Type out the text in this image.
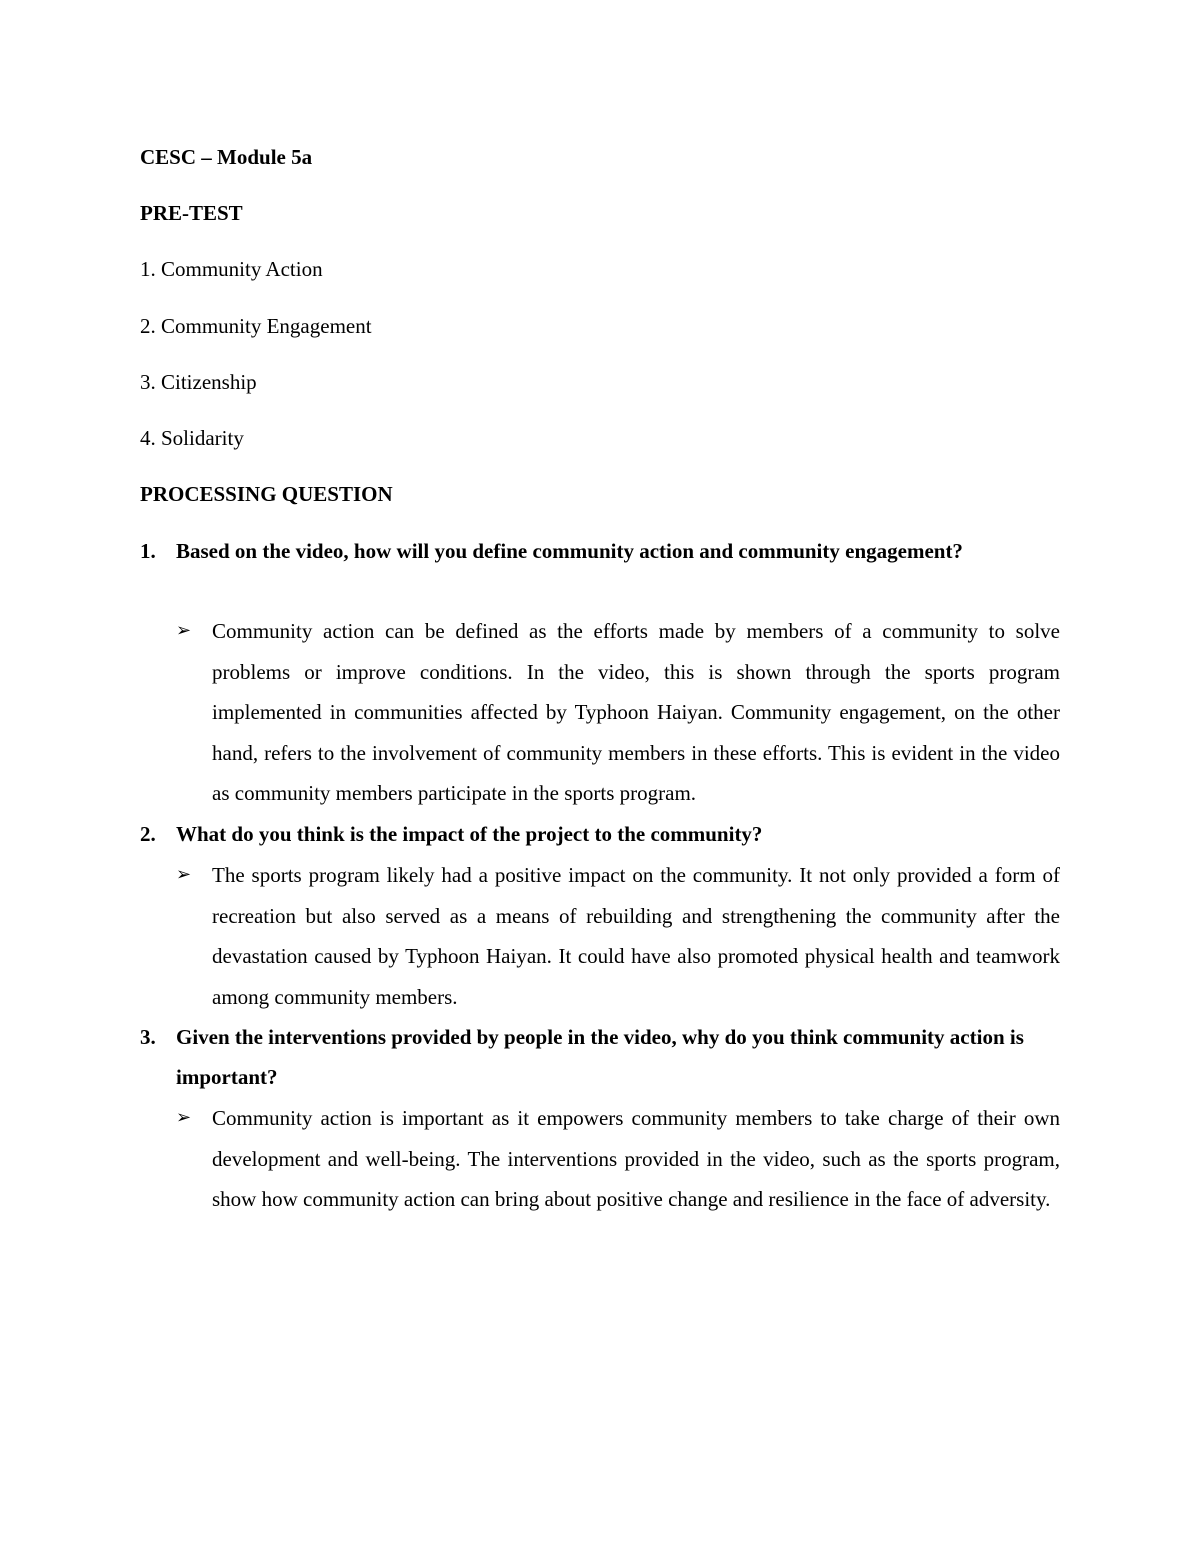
CESC – Module 5a
PRE-TEST
1. Community Action
2. Community Engagement
3. Citizenship
4. Solidarity
PROCESSING QUESTION
1. Based on the video, how will you define community action and community engagement?
➢ Community action can be defined as the efforts made by members of a community to solve problems or improve conditions. In the video, this is shown through the sports program implemented in communities affected by Typhoon Haiyan. Community engagement, on the other hand, refers to the involvement of community members in these efforts. This is evident in the video as community members participate in the sports program.
2. What do you think is the impact of the project to the community?
➢ The sports program likely had a positive impact on the community. It not only provided a form of recreation but also served as a means of rebuilding and strengthening the community after the devastation caused by Typhoon Haiyan. It could have also promoted physical health and teamwork among community members.
3. Given the interventions provided by people in the video, why do you think community action is important?
➢ Community action is important as it empowers community members to take charge of their own development and well-being. The interventions provided in the video, such as the sports program, show how community action can bring about positive change and resilience in the face of adversity.
